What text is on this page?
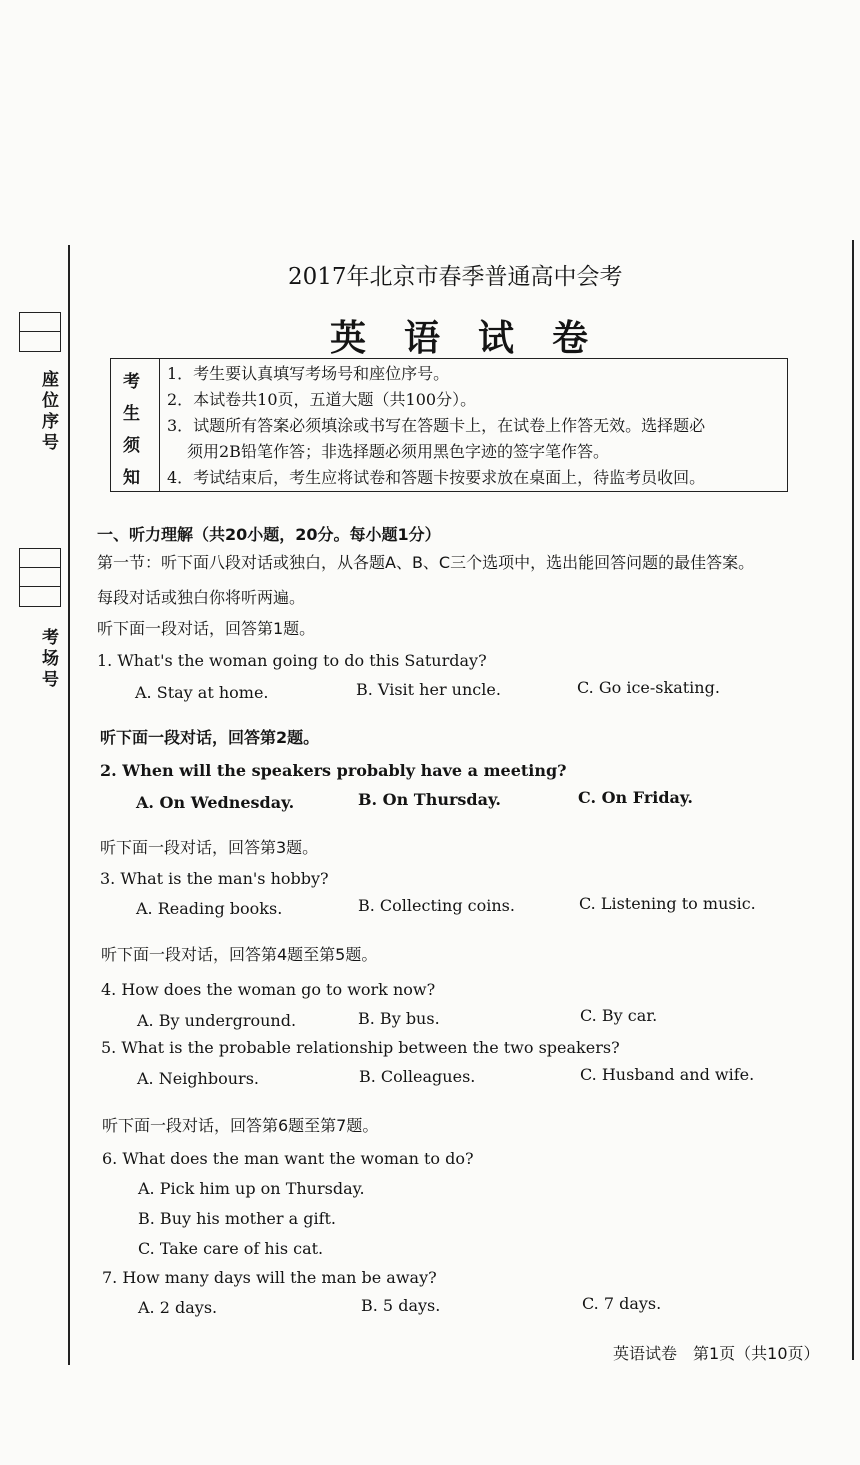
座位序号
考场号
2017年北京市春季普通高中会考
英语试卷
考
生
须
知
1．考生要认真填写考场号和座位序号。
2．本试卷共10页，五道大题（共100分）。
3．试题所有答案必须填涂或书写在答题卡上，在试卷上作答无效。选择题必
须用2B铅笔作答；非选择题必须用黑色字迹的签字笔作答。
4．考试结束后，考生应将试卷和答题卡按要求放在桌面上，待监考员收回。
一、听力理解（共20小题，20分。每小题1分）
第一节：听下面八段对话或独白，从各题A、B、C三个选项中，选出能回答问题的最佳答案。
每段对话或独白你将听两遍。
听下面一段对话，回答第1题。
1. What's the woman going to do this Saturday?
A. Stay at home.	B. Visit her uncle.	C. Go ice-skating.
听下面一段对话，回答第2题。
2. When will the speakers probably have a meeting?
A. On Wednesday.	B. On Thursday.	C. On Friday.
听下面一段对话，回答第3题。
3. What is the man's hobby?
A. Reading books.	B. Collecting coins.	C. Listening to music.
听下面一段对话，回答第4题至第5题。
4. How does the woman go to work now?
A. By underground.	B. By bus.	C. By car.
5. What is the probable relationship between the two speakers?
A. Neighbours.	B. Colleagues.	C. Husband and wife.
听下面一段对话，回答第6题至第7题。
6. What does the man want the woman to do?
A. Pick him up on Thursday.
B. Buy his mother a gift.
C. Take care of his cat.
7. How many days will the man be away?
A. 2 days.	B. 5 days.	C. 7 days.
英语试卷　第1页（共10页）
